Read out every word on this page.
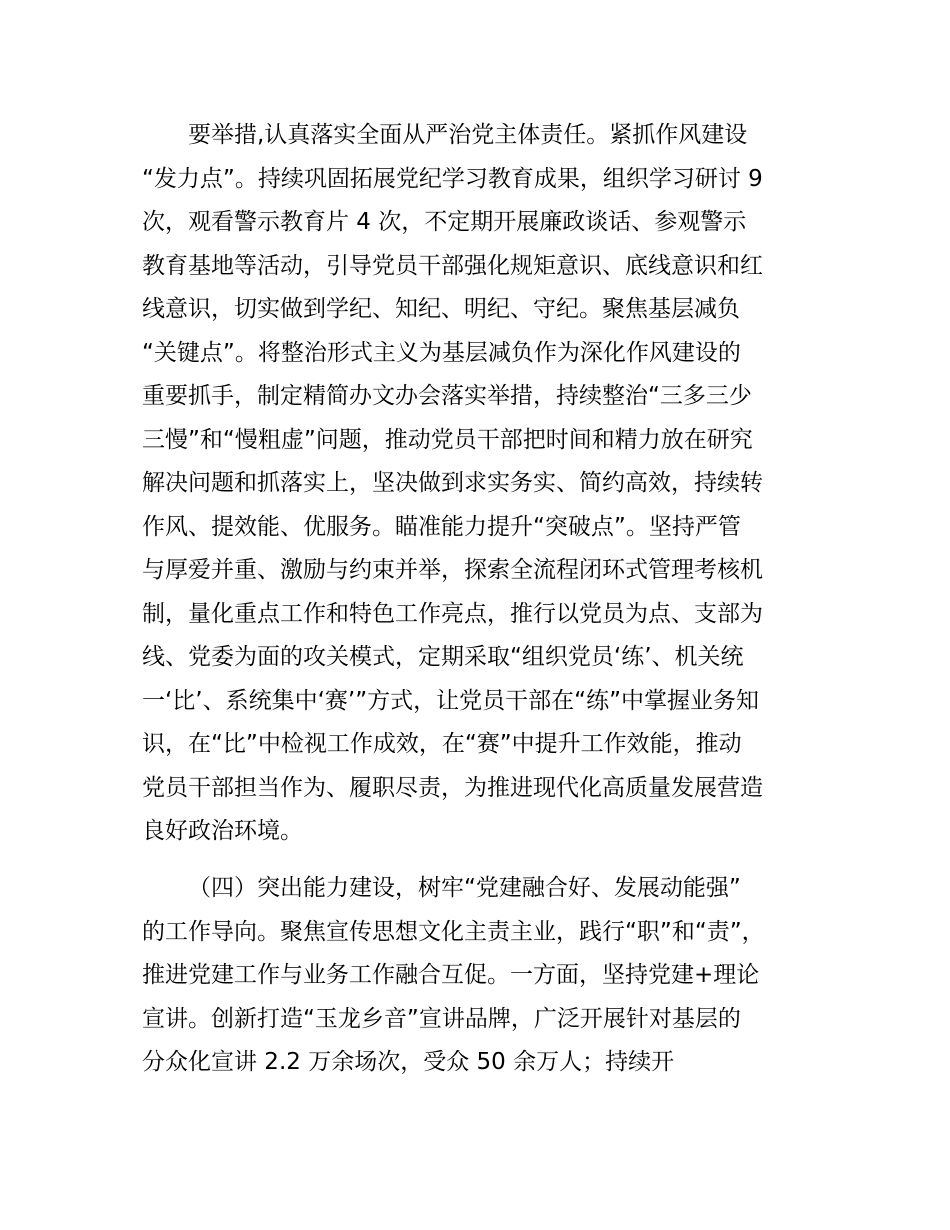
要举措,认真落实全面从严治党主体责任。紧抓作风建设
“发力点”。持续巩固拓展党纪学习教育成果，组织学习研讨 9
次，观看警示教育片 4 次，不定期开展廉政谈话、参观警示
教育基地等活动，引导党员干部强化规矩意识、底线意识和红
线意识，切实做到学纪、知纪、明纪、守纪。聚焦基层减负
“关键点”。将整治形式主义为基层减负作为深化作风建设的
重要抓手，制定精简办文办会落实举措，持续整治“三多三少
三慢”和“慢粗虚”问题，推动党员干部把时间和精力放在研究
解决问题和抓落实上，坚决做到求实务实、简约高效，持续转
作风、提效能、优服务。瞄准能力提升“突破点”。坚持严管
与厚爱并重、激励与约束并举，探索全流程闭环式管理考核机
制，量化重点工作和特色工作亮点，推行以党员为点、支部为
线、党委为面的攻关模式，定期采取“组织党员‘练’、机关统
一‘比’、系统集中‘赛’”方式，让党员干部在“练”中掌握业务知
识，在“比”中检视工作成效，在“赛”中提升工作效能，推动
党员干部担当作为、履职尽责，为推进现代化高质量发展营造
良好政治环境。
（四）突出能力建设，树牢“党建融合好、发展动能强”
的工作导向。聚焦宣传思想文化主责主业，践行“职”和“责”，
推进党建工作与业务工作融合互促。一方面，坚持党建+理论
宣讲。创新打造“玉龙乡音”宣讲品牌，广泛开展针对基层的
分众化宣讲 2.2 万余场次，受众 50 余万人；持续开
